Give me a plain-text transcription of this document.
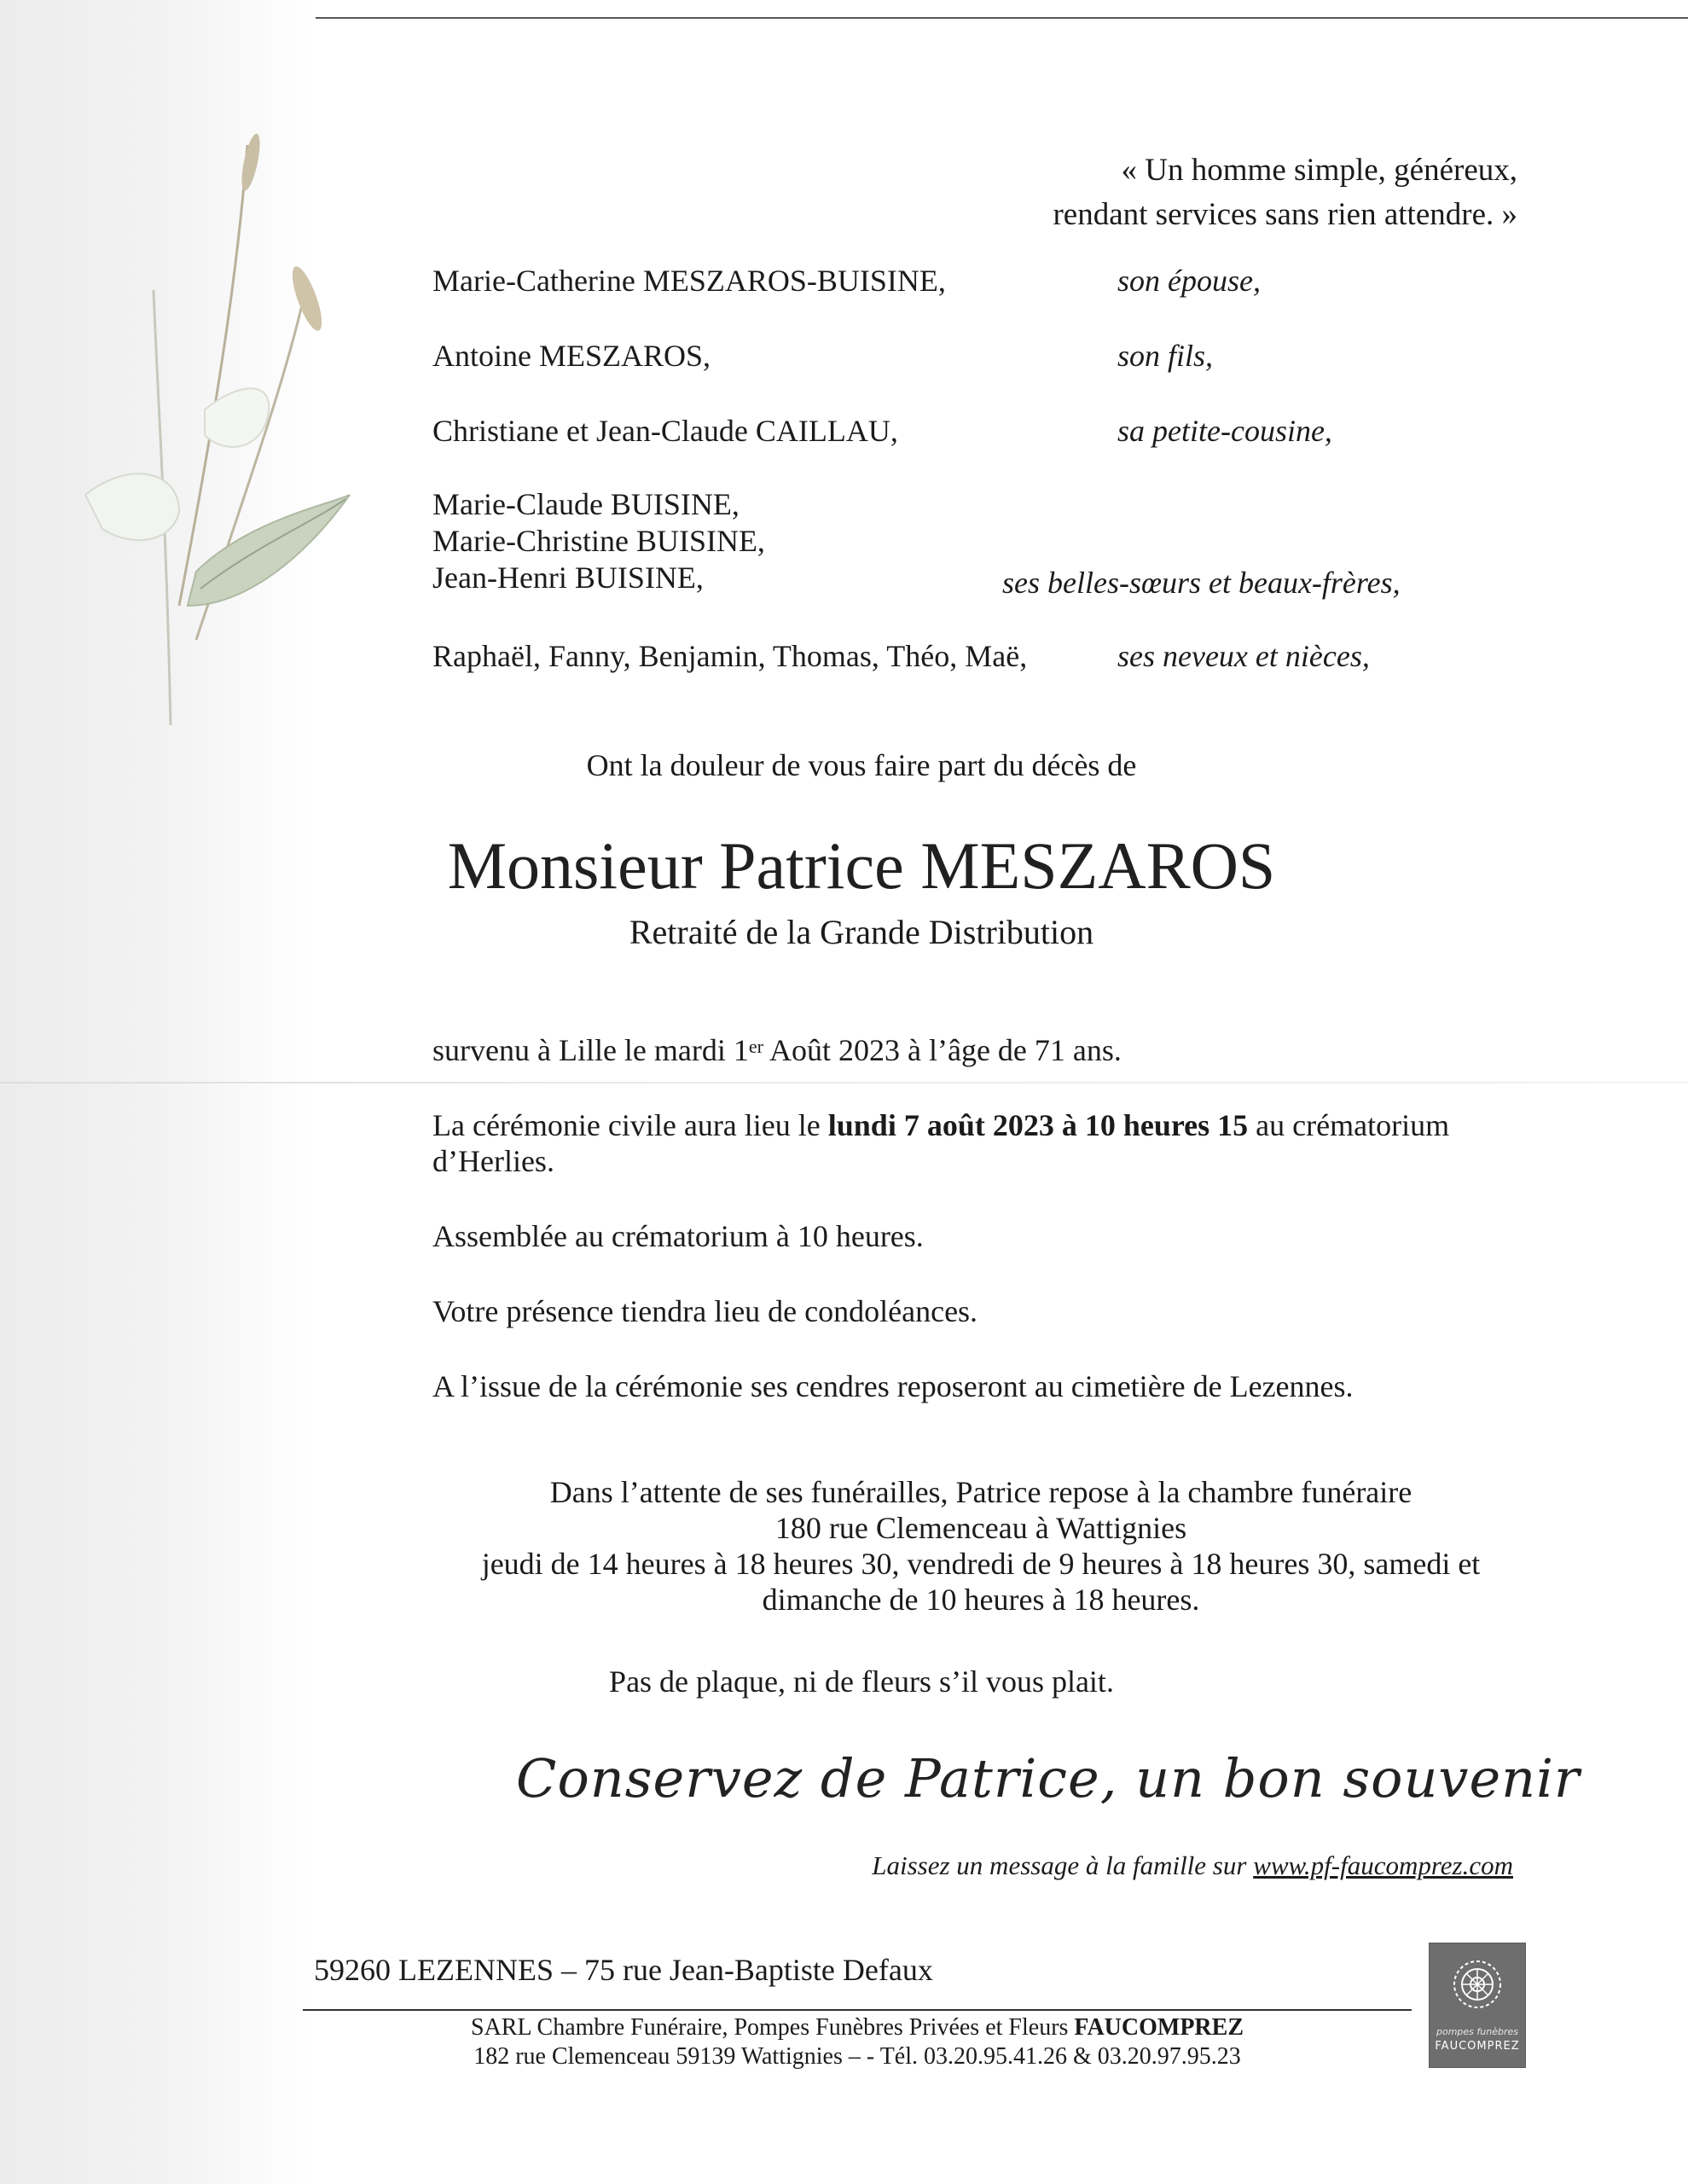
« Un homme simple, généreux,
rendant services sans rien attendre. »
Marie-Catherine MESZAROS-BUISINE,	son épouse,
Antoine MESZAROS,	son fils,
Christiane et Jean-Claude CAILLAU,	sa petite-cousine,
Marie-Claude BUISINE,
Marie-Christine BUISINE,
Jean-Henri BUISINE,	ses belles-sœurs et beaux-frères,
Raphaël, Fanny, Benjamin, Thomas, Théo, Maë,	ses neveux et nièces,
Ont la douleur de vous faire part du décès de
Monsieur Patrice MESZAROS
Retraité de la Grande Distribution
survenu à Lille le mardi 1er Août 2023 à l’âge de 71 ans.
La cérémonie civile aura lieu le lundi 7 août 2023 à 10 heures 15 au crématorium
d’Herlies.
Assemblée au crématorium à 10 heures.
Votre présence tiendra lieu de condoléances.
A l’issue de la cérémonie ses cendres reposeront au cimetière de Lezennes.
Dans l’attente de ses funérailles, Patrice repose à la chambre funéraire
180 rue Clemenceau à Wattignies
jeudi de 14 heures à 18 heures 30, vendredi de 9 heures à 18 heures 30, samedi et
dimanche de 10 heures à 18 heures.
Pas de plaque, ni de fleurs s’il vous plait.
Conservez de Patrice, un bon souvenir
Laissez un message à la famille sur www.pf-faucomprez.com
59260 LEZENNES – 75 rue Jean-Baptiste Defaux
SARL Chambre Funéraire, Pompes Funèbres Privées et Fleurs FAUCOMPREZ
182 rue Clemenceau 59139 Wattignies – - Tél. 03.20.95.41.26 & 03.20.97.95.23
pompes funèbres
FAUCOMPREZ
